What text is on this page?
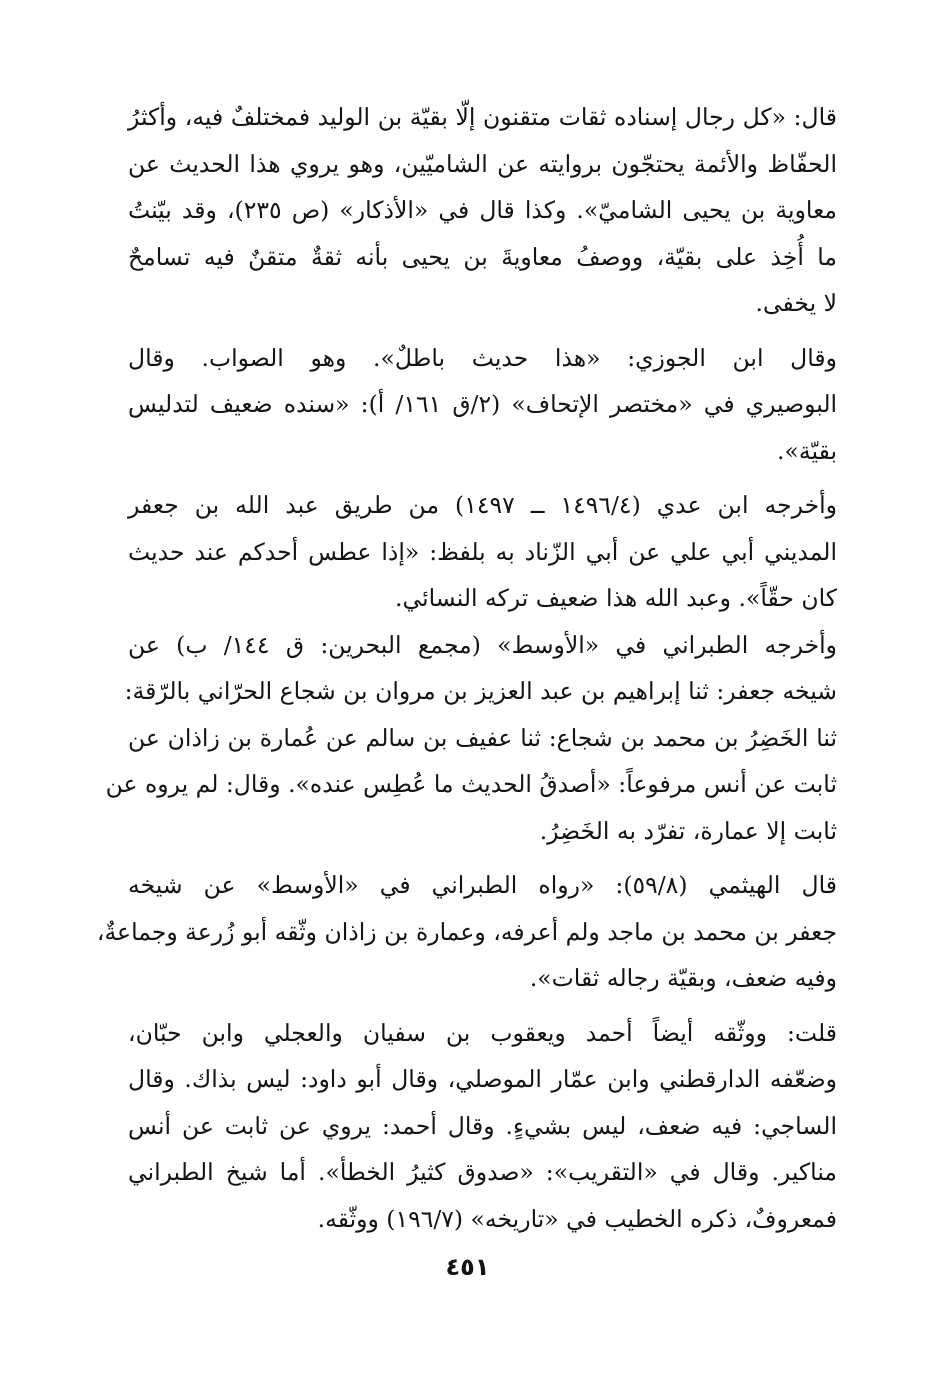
قال: «كل رجال إسناده ثقات متقنون إلّا بقيّة بن الوليد فمختلفٌ فيه، وأكثرُ
الحفّاظ والأئمة يحتجّون بروايته عن الشاميّين، وهو يروي هذا الحديث عن
معاوية بن يحيى الشاميّ». وكذا قال في «الأذكار» (ص ٢٣٥)، وقد بيّنتُ
ما أُخِذ على بقيّة، ووصفُ معاويةَ بن يحيى بأنه ثقةٌ متقنٌ فيه تسامحٌ
لا يخفى.

وقال ابن الجوزي: «هذا حديث باطلٌ». وهو الصواب. وقال
البوصيري في «مختصر الإتحاف» (٢/ق ١٦١/ أ): «سنده ضعيف لتدليس
بقيّة».

وأخرجه ابن عدي (١٤٩٦/٤ ــ ١٤٩٧) من طريق عبد الله بن جعفر
المديني أبي علي عن أبي الزّناد به بلفظ: «إذا عطس أحدكم عند حديث
كان حقّاً». وعبد الله هذا ضعيف تركه النسائي.

وأخرجه الطبراني في «الأوسط» (مجمع البحرين: ق ١٤٤/ ب) عن
شيخه جعفر: ثنا إبراهيم بن عبد العزيز بن مروان بن شجاع الحرّاني بالرّقة:
ثنا الخَضِرُ بن محمد بن شجاع: ثنا عفيف بن سالم عن عُمارة بن زاذان عن
ثابت عن أنس مرفوعاً: «أصدقُ الحديث ما عُطِس عنده». وقال: لم يروه عن
ثابت إلا عمارة، تفرّد به الخَضِرُ.

قال الهيثمي (٥٩/٨): «رواه الطبراني في «الأوسط» عن شيخه
جعفر بن محمد بن ماجد ولم أعرفه، وعمارة بن زاذان وثّقه أبو زُرعة وجماعةٌ،
وفيه ضعف، وبقيّة رجاله ثقات».

قلت: ووثّقه أيضاً أحمد ويعقوب بن سفيان والعجلي وابن حبّان،
وضعّفه الدارقطني وابن عمّار الموصلي، وقال أبو داود: ليس بذاك. وقال
الساجي: فيه ضعف، ليس بشيءٍ. وقال أحمد: يروي عن ثابت عن أنس
مناكير. وقال في «التقريب»: «صدوق كثيرُ الخطأ». أما شيخ الطبراني
فمعروفٌ، ذكره الخطيب في «تاريخه» (١٩٦/٧) ووثّقه.

٤٥١
